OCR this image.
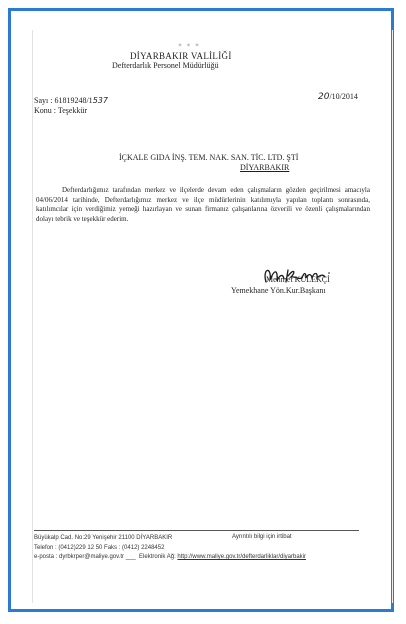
✶ ✶ ✶
DİYARBAKIR VALİLİĞİ
Defterdarlık Personel Müdürlüğü
Sayı : 61819248/1537
Konu : Teşekkür
20/10/2014
İÇKALE GIDA İNŞ. TEM. NAK. SAN. TİC. LTD. ŞTİ
DİYARBAKIR
Defterdarlığımız tarafından merkez ve ilçelerde devam eden çalışmaların gözden geçirilmesi amacıyla 04/06/2014 tarihinde, Defterdarlığımız merkez ve ilçe müdürlerinin katılımıyla yapılan toplantı sonrasında, katılımcılar için verdiğimiz yemeği hazırlayan ve sunan firmanız çalışanlarına özverili ve özenli çalışmalarından dolayı tebrik ve teşekkür ederim.
Mehmet KÜLEKÇİ
Yemekhane Yön.Kur.Başkanı
Büyükalp Cad. No:29 Yenişehir 21100 DİYARBAKIR	Ayrıntılı bilgi için irtibat
Telefon : (0412)229 12 50 Faks : (0412) 2248452
e-posta : dyrbkrper@maliye.gov.tr ___ Elektronik Ağ: http://www.maliye.gov.tr/defterdarliklar/diyarbakir
